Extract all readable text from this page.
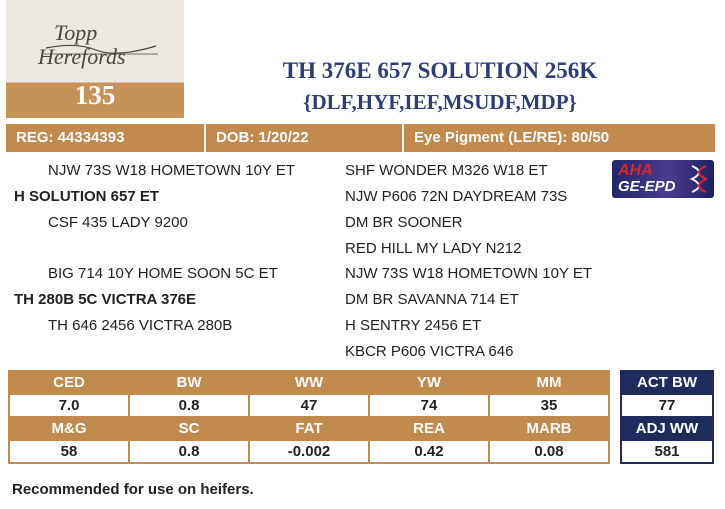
Topp
Herefords
135
TH 376E 657 SOLUTION 256K
{DLF,HYF,IEF,MSUDF,MDP}
REG: 44334393	DOB: 1/20/22	Eye Pigment (LE/RE): 80/50
NJW 73S W18 HOMETOWN 10Y ET
H SOLUTION 657 ET
CSF 435 LADY 9200
BIG 714 10Y HOME SOON 5C ET
TH 280B 5C VICTRA 376E
TH 646 2456 VICTRA 280B
SHF WONDER M326 W18 ET
NJW P606 72N DAYDREAM 73S
DM BR SOONER
RED HILL MY LADY N212
NJW 73S W18 HOMETOWN 10Y ET
DM BR SAVANNA 714 ET
H SENTRY 2456 ET
KBCR P606 VICTRA 646
AHA
GE-EPD
CED	BW	WW	YW	MM
7.0	0.8	47	74	35
M&G	SC	FAT	REA	MARB
58	0.8	-0.002	0.42	0.08
ACT BW
77
ADJ WW
581
Recommended for use on heifers.
